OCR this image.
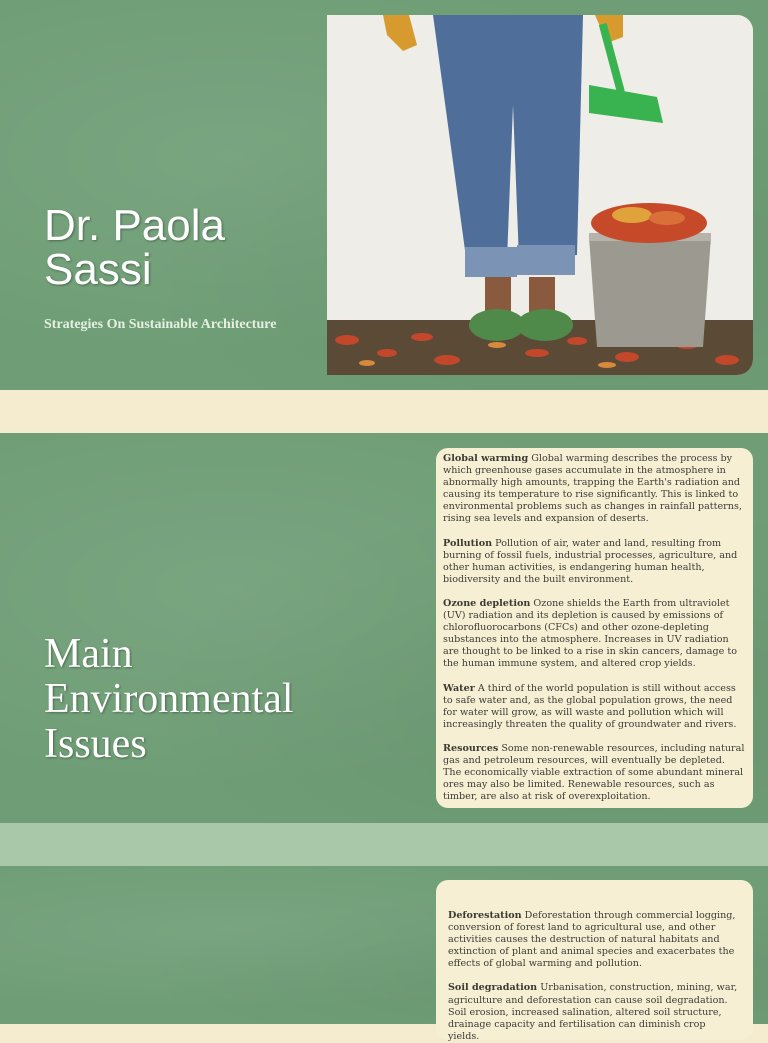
Dr. Paola Sassi
Strategies On Sustainable Architecture
Main Environmental Issues

Global warming Global warming describes the process by which greenhouse gases accumulate in the atmosphere in abnormally high amounts, trapping the Earth's radiation and causing its temperature to rise significantly. This is linked to environmental problems such as changes in rainfall patterns, rising sea levels and expansion of deserts.

Pollution Pollution of air, water and land, resulting from burning of fossil fuels, industrial processes, agriculture, and other human activities, is endangering human health, biodiversity and the built environment.

Ozone depletion Ozone shields the Earth from ultraviolet (UV) radiation and its depletion is caused by emissions of chlorofluorocarbons (CFCs) and other ozone-depleting substances into the atmosphere. Increases in UV radiation are thought to be linked to a rise in skin cancers, damage to the human immune system, and altered crop yields.

Water A third of the world population is still without access to safe water and, as the global population grows, the need for water will grow, as will waste and pollution which will increasingly threaten the quality of groundwater and rivers.

Resources Some non-renewable resources, including natural gas and petroleum resources, will eventually be depleted. The economically viable extraction of some abundant mineral ores may also be limited. Renewable resources, such as timber, are also at risk of overexploitation.

Deforestation Deforestation through commercial logging, conversion of forest land to agricultural use, and other activities causes the destruction of natural habitats and extinction of plant and animal species and exacerbates the effects of global warming and pollution.

Soil degradation Urbanisation, construction, mining, war, agriculture and deforestation can cause soil degradation. Soil erosion, increased salination, altered soil structure, drainage capacity and fertilisation can diminish crop yields.
